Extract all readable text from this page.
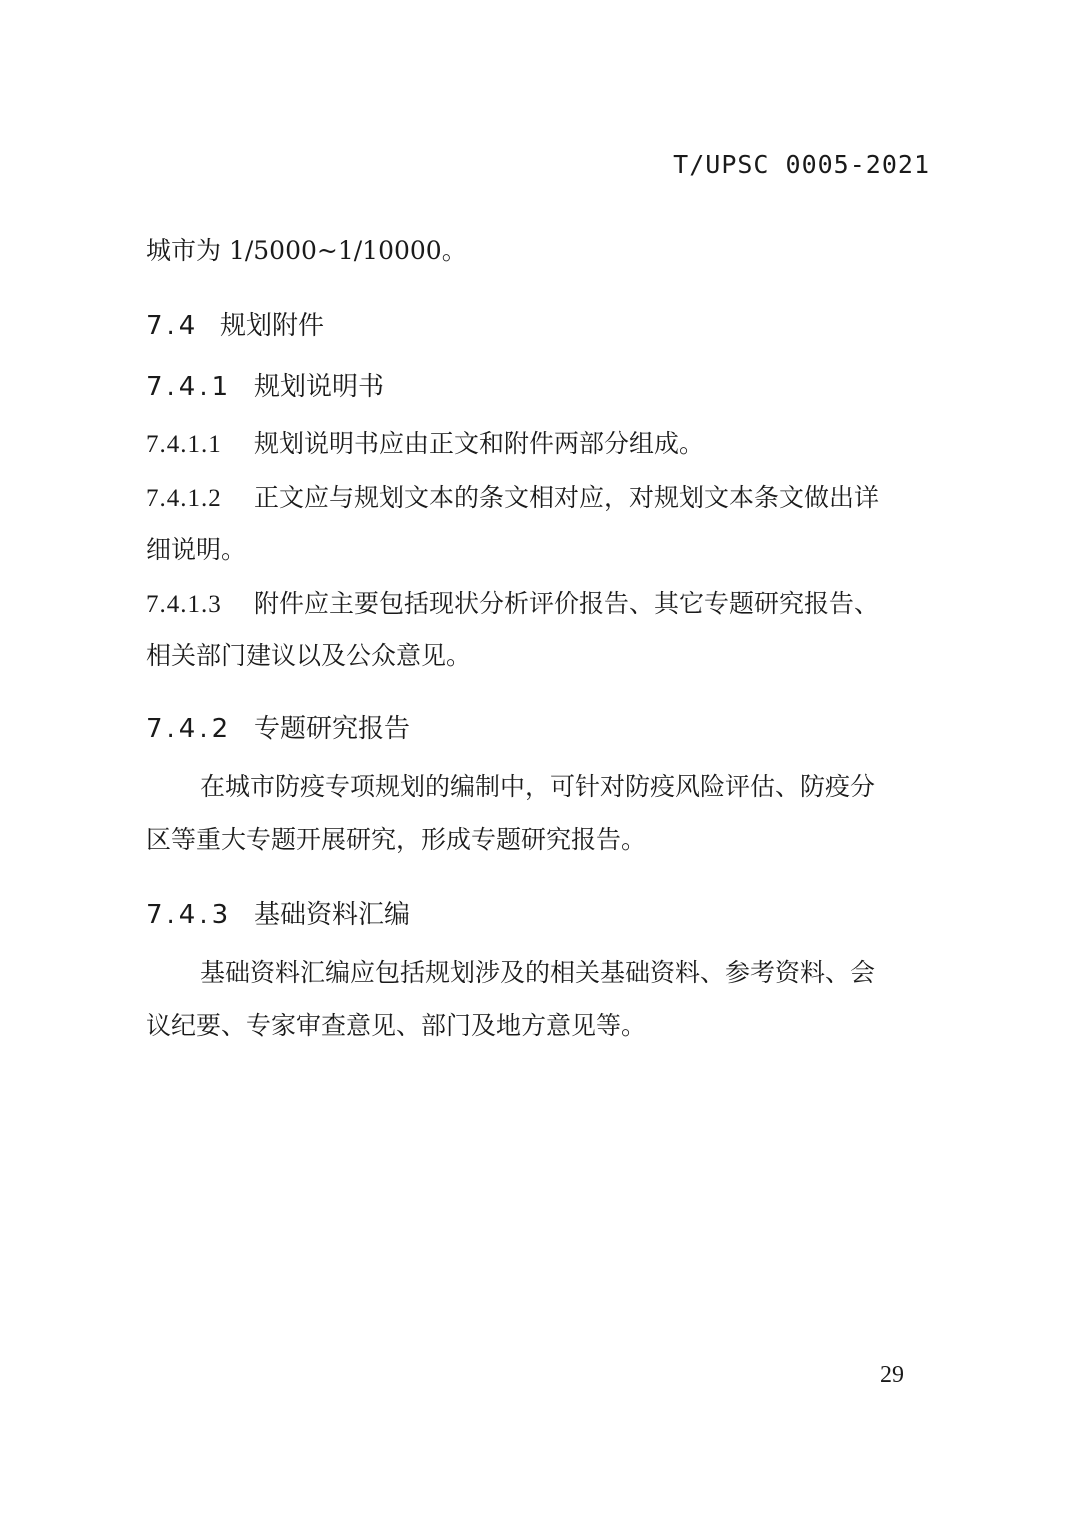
T/UPSC 0005-2021
城市为 1/5000~1/10000。
7.4 规划附件
7.4.1 规划说明书
7.4.1.1 规划说明书应由正文和附件两部分组成。
7.4.1.2 正文应与规划文本的条文相对应，对规划文本条文做出详
细说明。
7.4.1.3 附件应主要包括现状分析评价报告、其它专题研究报告、
相关部门建议以及公众意见。
7.4.2 专题研究报告
在城市防疫专项规划的编制中，可针对防疫风险评估、防疫分
区等重大专题开展研究，形成专题研究报告。
7.4.3 基础资料汇编
基础资料汇编应包括规划涉及的相关基础资料、参考资料、会
议纪要、专家审查意见、部门及地方意见等。
29
